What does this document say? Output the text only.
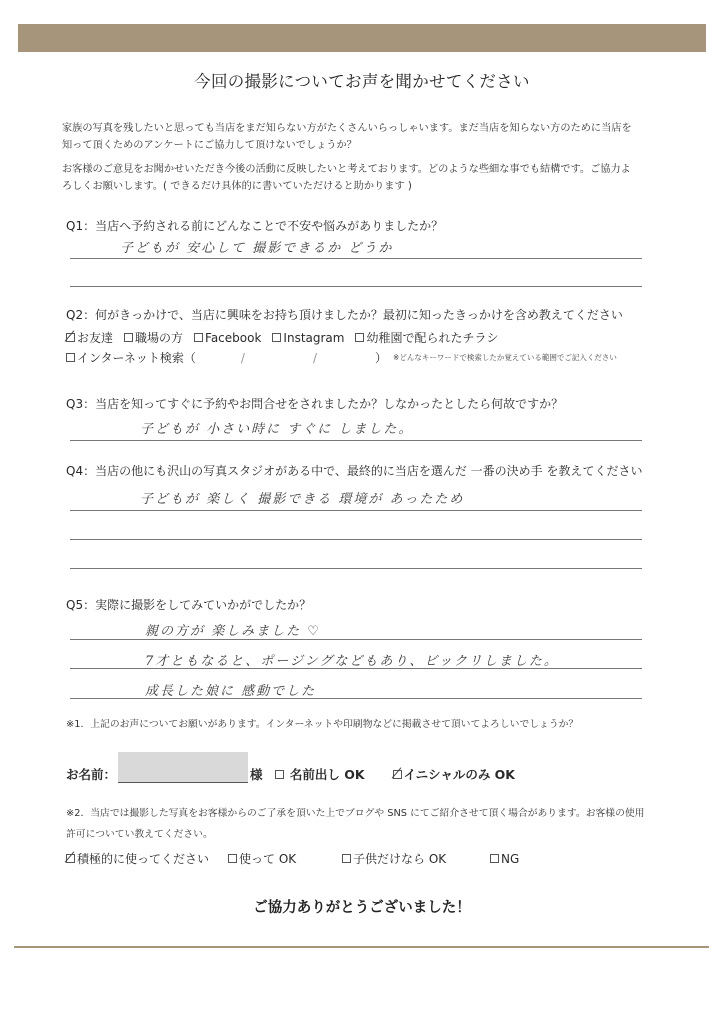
今回の撮影についてお声を聞かせてください
家族の写真を残したいと思っても当店をまだ知らない方がたくさんいらっしゃいます。まだ当店を知らない方のために当店を
知って頂くためのアンケートにご協力して頂けないでしょうか？
お客様のご意見をお聞かせいただき今後の活動に反映したいと考えております。どのような些細な事でも結構です。ご協力よ
ろしくお願いします。( できるだけ具体的に書いていただけると助かります )
Q1：当店へ予約される前にどんなことで不安や悩みがありましたか？
子どもが 安心して 撮影できるか どうか
Q2：何がきっかけで、当店に興味をお持ち頂けましたか？最初に知ったきっかけを含め教えてください
お友達 職場の方 Facebook Instagram 幼稚園で配られたチラシ
インターネット検索（	/	/	） ※どんなキーワードで検索したか覚えている範囲でご記入ください
Q3：当店を知ってすぐに予約やお問合せをされましたか？しなかったとしたら何故ですか？
子どもが 小さい時に すぐに しました。
Q4：当店の他にも沢山の写真スタジオがある中で、最終的に当店を選んだ 一番の決め手 を教えてください
子どもが 楽しく 撮影できる 環境が あったため
Q5：実際に撮影をしてみていかがでしたか？
親の方が 楽しみました ♡
7才ともなると、ポージングなどもあり、ビックリしました。
成長した娘に 感動でした
※1．上記のお声についてお願いがあります。インターネットや印刷物などに掲載させて頂いてよろしいでしょうか？
お名前：	様
名前出し OK	イニシャルのみ OK
※2．当店では撮影した写真をお客様からのご了承を頂いた上でブログや SNS にてご紹介させて頂く場合があります。お客様の使用
許可についてい教えてください。
積極的に使ってください 使って OK	子供だけなら OK	NG
ご協力ありがとうございました！
